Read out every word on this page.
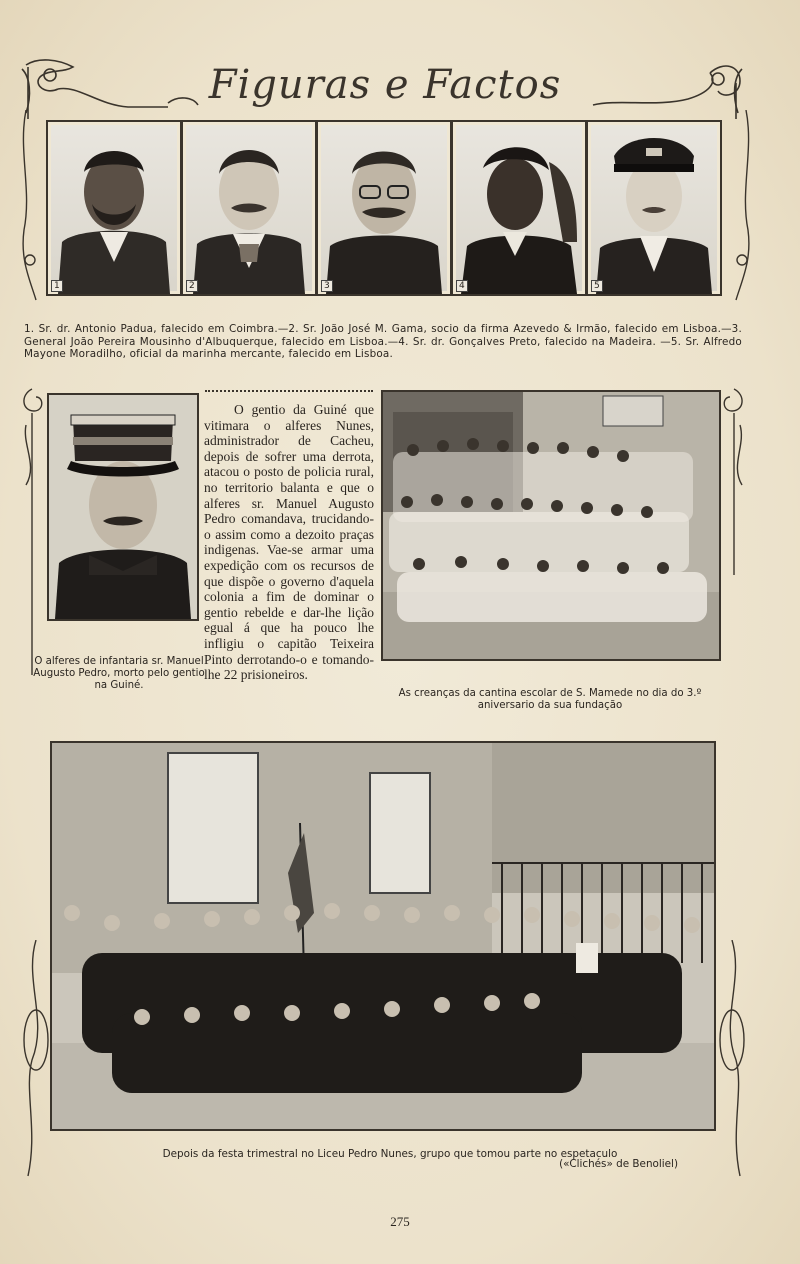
Figuras e Factos
1	2	3	4	5
1. Sr. dr. Antonio Padua, falecido em Coimbra.—2. Sr. João José M. Gama, socio da firma Azevedo & Irmão, falecido em Lisboa.—3. General João Pereira Mousinho d'Albuquerque, falecido em Lisboa.—4. Sr. dr. Gonçalves Preto, falecido na Madeira. —5. Sr. Alfredo Mayone Moradilho, oficial da marinha mercante, falecido em Lisboa.
O alferes de infantaria sr. Manuel Augusto Pedro, morto pelo gentio na Guiné.
O gentio da Guiné que vitimara o alferes Nunes, administrador de Cacheu, depois de sofrer uma derrota, atacou o posto de policia rural, no territorio balanta e que o alferes sr. Manuel Augusto Pedro comandava, trucidando-o assim como a dezoito praças indigenas. Vae-se armar uma expedição com os recursos de que dispõe o governo d'aquela colonia a fim de dominar o gentio rebelde e dar-lhe lição egual á que ha pouco lhe infligiu o capitão Teixeira Pinto derrotando-o e tomando-lhe 22 prisioneiros.
As creanças da cantina escolar de S. Mamede no dia do 3.º aniversario da sua fundação
Depois da festa trimestral no Liceu Pedro Nunes, grupo que tomou parte no espetaculo
(«Clichés» de Benoliel)
275
